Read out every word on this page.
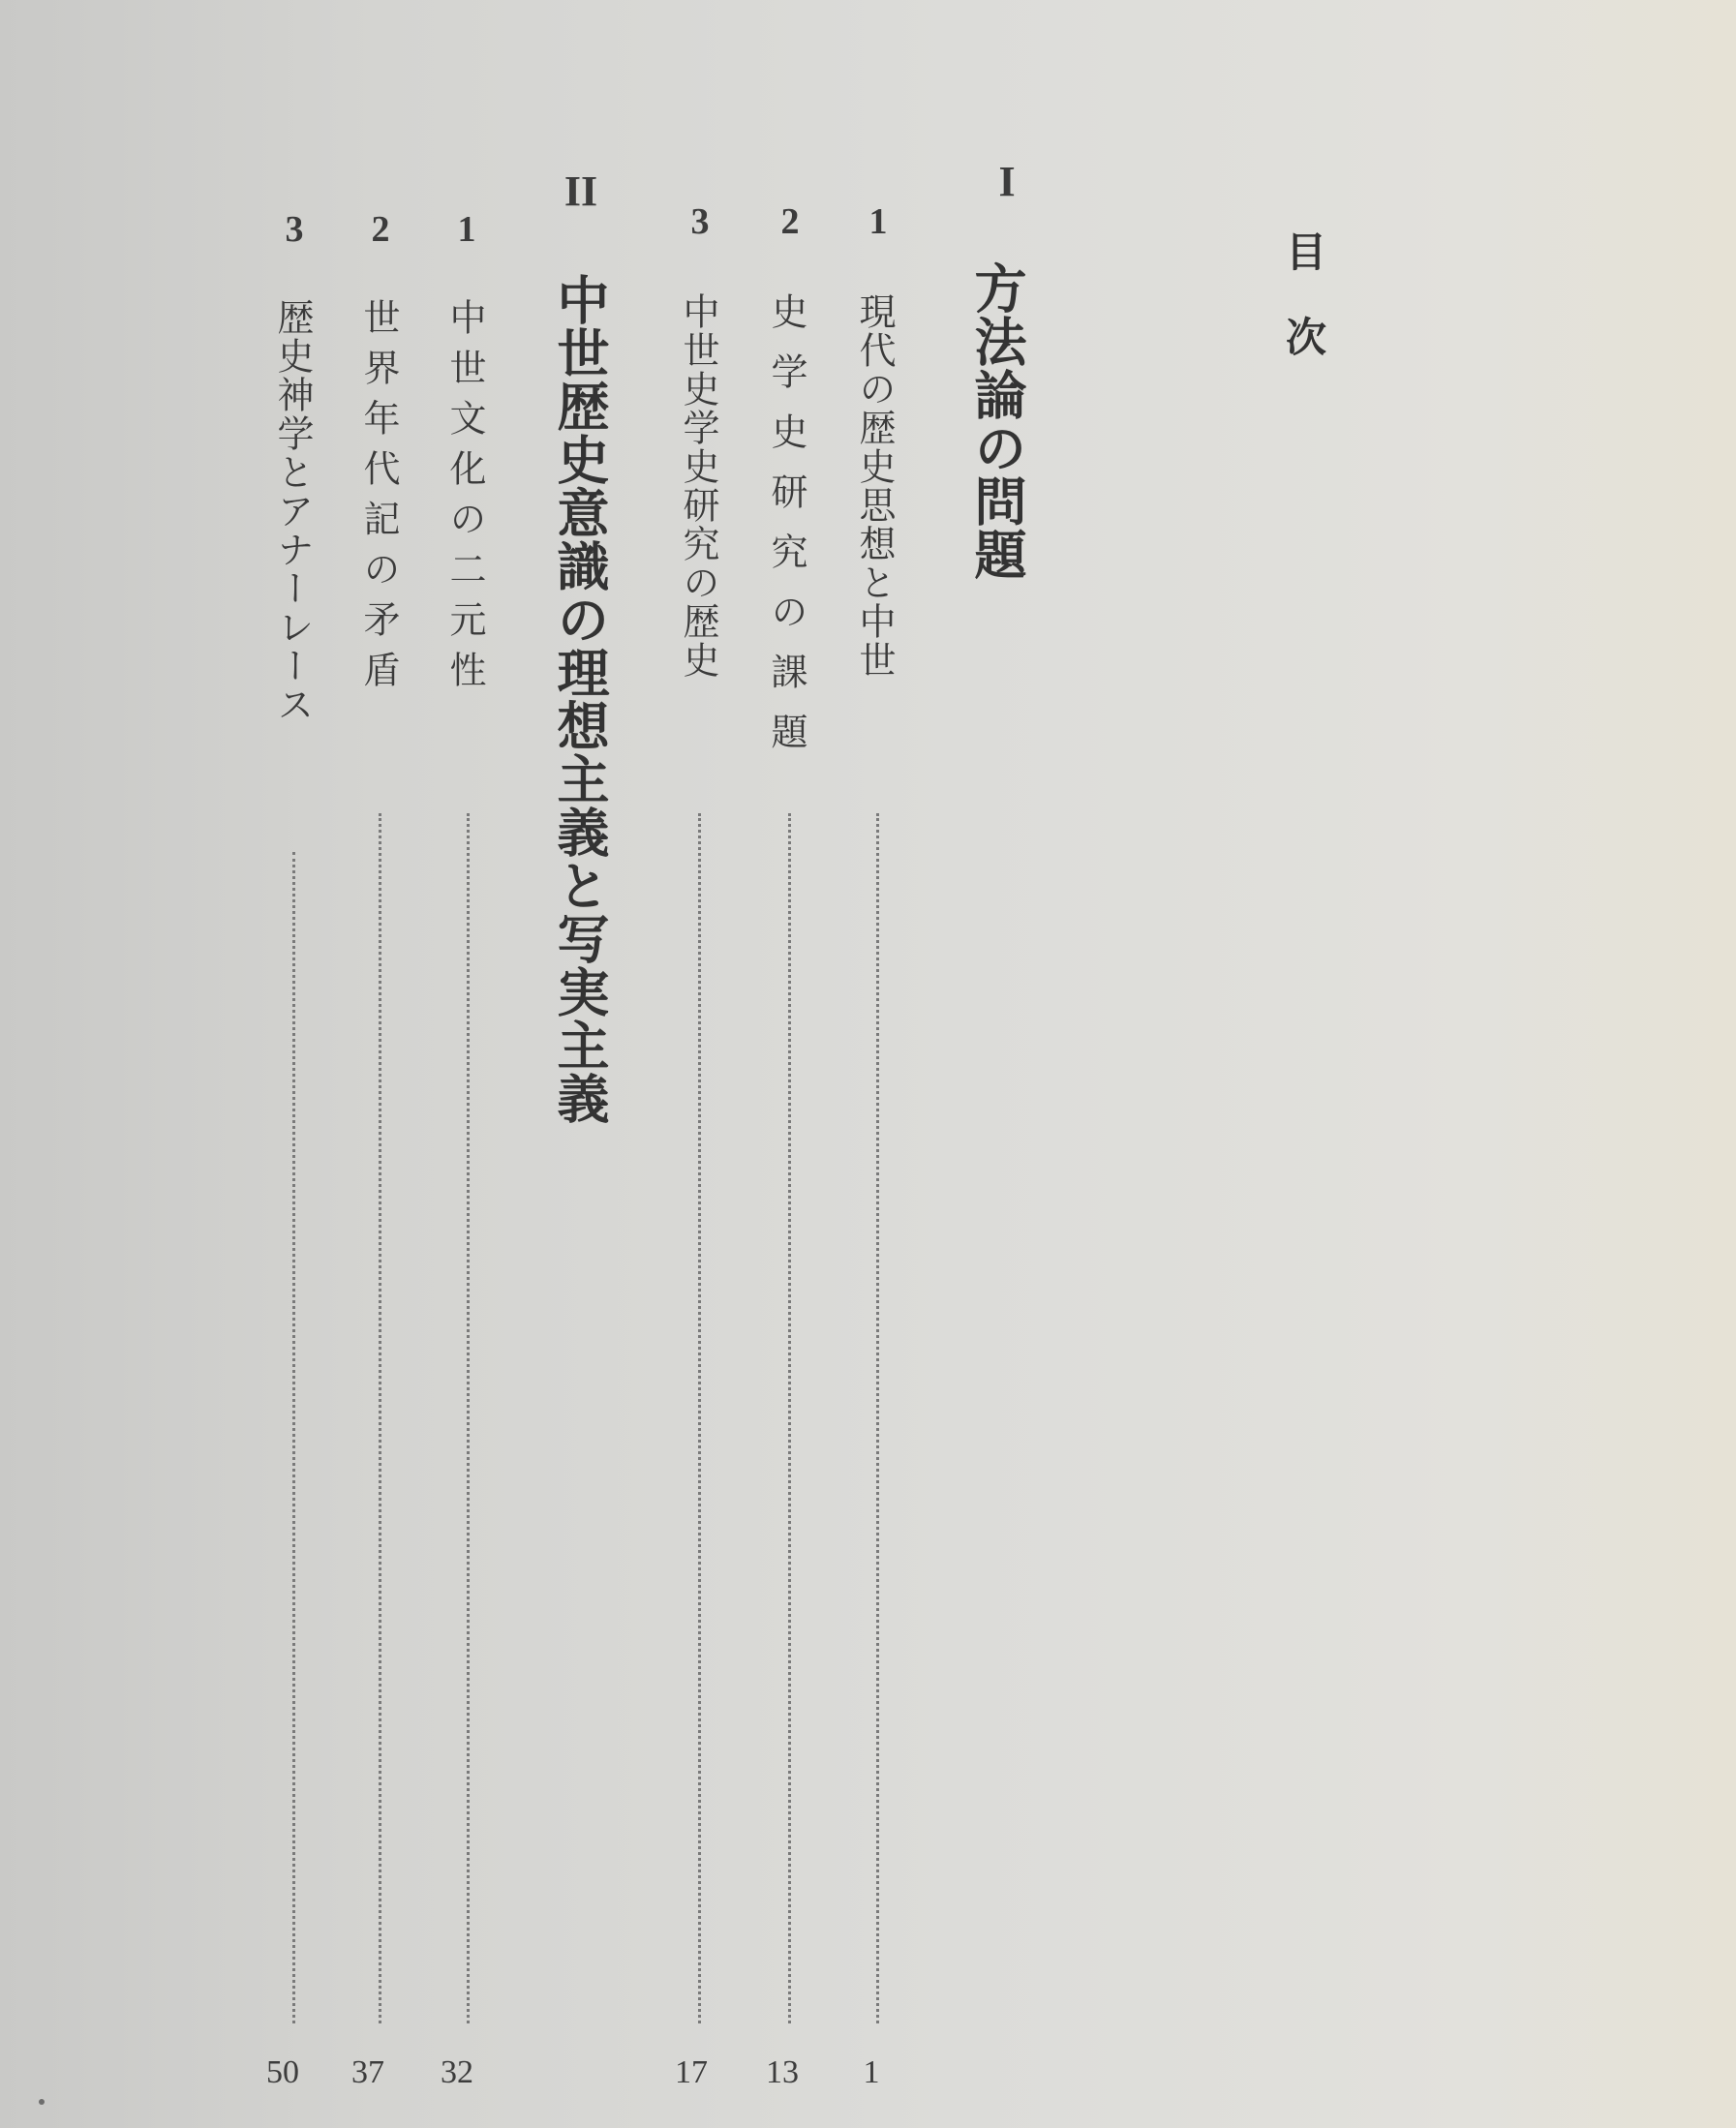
目次
I
方法論の問題
1
現代の歴史思想と中世
1
2
史学史研究の課題
13
3
中世史学史研究の歴史
17
II
中世歴史意識の理想主義と写実主義
1
中世文化の二元性
32
2
世界年代記の矛盾
37
3
歴史神学とアナーレース
50
